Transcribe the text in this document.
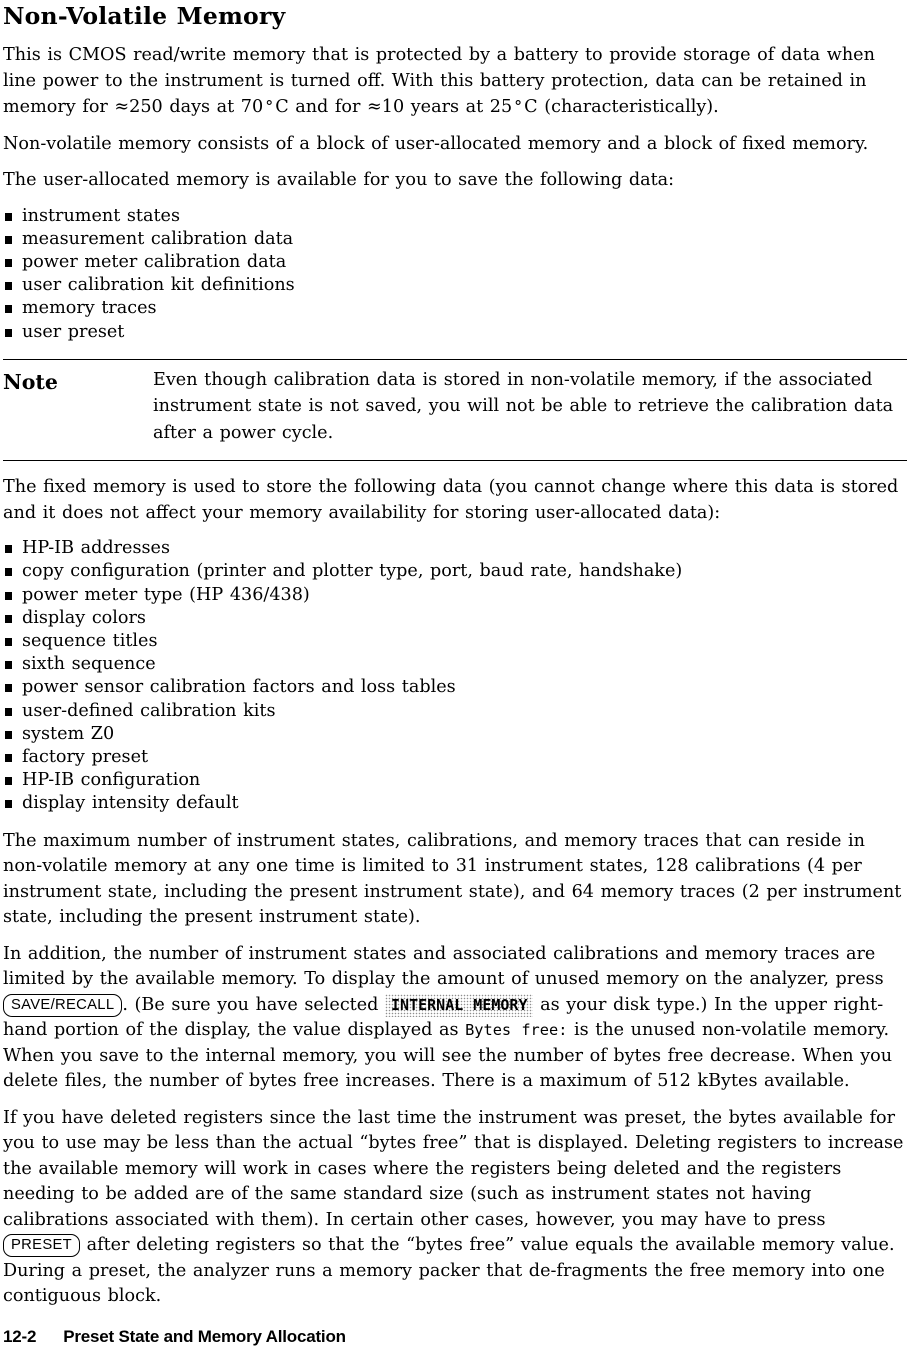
Non-Volatile Memory

This is CMOS read/write memory that is protected by a battery to provide storage of data when line power to the instrument is turned off. With this battery protection, data can be retained in memory for ≈250 days at 70 ° C and for ≈10 years at 25 ° C (characteristically).

Non-volatile memory consists of a block of user-allocated memory and a block of fixed memory.

The user-allocated memory is available for you to save the following data:

instrument states
measurement calibration data
power meter calibration data
user calibration kit definitions
memory traces
user preset
Note	Even though calibration data is stored in non-volatile memory, if the associated instrument state is not saved, you will not be able to retrieve the calibration data after a power cycle.

The fixed memory is used to store the following data (you cannot change where this data is stored and it does not affect your memory availability for storing user-allocated data):

HP-IB addresses
copy configuration (printer and plotter type, port, baud rate, handshake)
power meter type (HP 436/438)
display colors
sequence titles
sixth sequence
power sensor calibration factors and loss tables
user-defined calibration kits
system Z0
factory preset
HP-IB configuration
display intensity default

The maximum number of instrument states, calibrations, and memory traces that can reside in non-volatile memory at any one time is limited to 31 instrument states, 128 calibrations (4 per instrument state, including the present instrument state), and 64 memory traces (2 per instrument state, including the present instrument state).

In addition, the number of instrument states and associated calibrations and memory traces are limited by the available memory. To display the amount of unused memory on the analyzer, press SAVE/RECALL . (Be sure you have selected INTERNAL MEMORY as your disk type.) In the upper right-hand portion of the display, the value displayed as Bytes free: is the unused non-volatile memory. When you save to the internal memory, you will see the number of bytes free decrease. When you delete files, the number of bytes free increases. There is a maximum of 512 kBytes available.

If you have deleted registers since the last time the instrument was preset, the bytes available for you to use may be less than the actual “bytes free” that is displayed. Deleting registers to increase the available memory will work in cases where the registers being deleted and the registers needing to be added are of the same standard size (such as instrument states not having calibrations associated with them). In certain other cases, however, you may have to press PRESET after deleting registers so that the “bytes free” value equals the available memory value. During a preset, the analyzer runs a memory packer that de-fragments the free memory into one contiguous block.

12-2 Preset State and Memory Allocation
